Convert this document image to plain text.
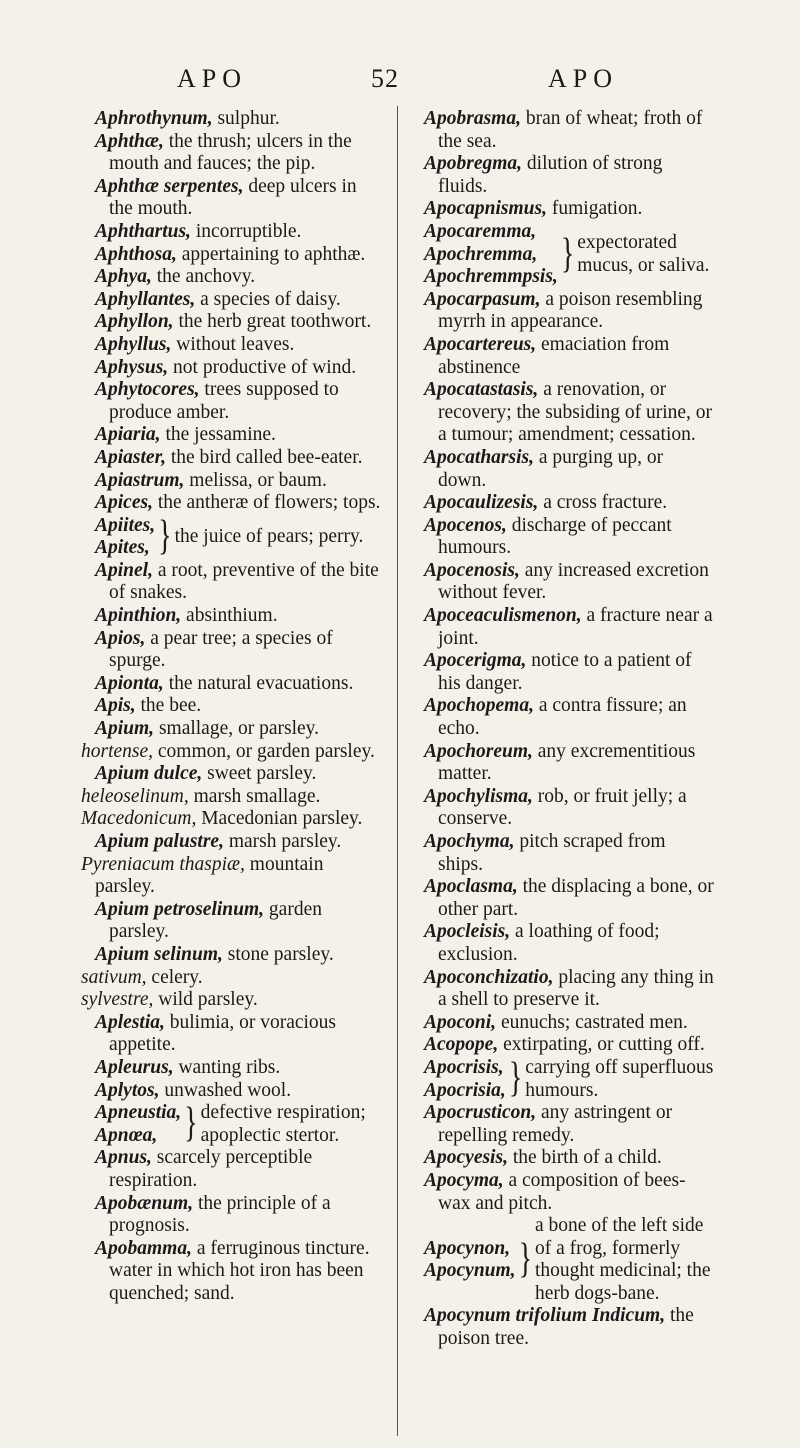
APO	52	APO
Aphrothynum, sulphur.
Aphthæ, the thrush; ulcers in the mouth and fauces; the pip.
Aphthæ serpentes, deep ulcers in the mouth.
Aphthartus, incorruptible.
Aphthosa, appertaining to aphthæ.
Aphya, the anchovy.
Aphyllantes, a species of daisy.
Aphyllon, the herb great toothwort.
Aphyllus, without leaves.
Aphysus, not productive of wind.
Aphytocores, trees supposed to produce amber.
Apiaria, the jessamine.
Apiaster, the bird called bee-eater.
Apiastrum, melissa, or baum.
Apices, the antheræ of flowers; tops.
Apiites,
Apites, } the juice of pears; perry.
Apinel, a root, preventive of the bite of snakes.
Apinthion, absinthium.
Apios, a pear tree; a species of spurge.
Apionta, the natural evacuations.
Apis, the bee.
Apium, smallage, or parsley.
hortense, common, or garden parsley.
Apium dulce, sweet parsley.
heleoselinum, marsh smallage.
Macedonicum, Macedonian parsley.
Apium palustre, marsh parsley.
Pyreniacum thaspiæ, mountain parsley.
Apium petroselinum, garden parsley.
Apium selinum, stone parsley.
sativum, celery.
sylvestre, wild parsley.
Aplestia, bulimia, or voracious appetite.
Apleurus, wanting ribs.
Aplytos, unwashed wool.
Apneustia,
Apnœa, } defective respiration; apoplectic stertor.
Apnus, scarcely perceptible respiration.
Apobænum, the principle of a prognosis.
Apobamma, a ferruginous tincture. water in which hot iron has been quenched; sand.
Apobrasma, bran of wheat; froth of the sea.
Apobregma, dilution of strong fluids.
Apocapnismus, fumigation.
Apocaremma,
Apochremma,
Apochremmpsis, } expectorated mucus, or saliva.
Apocarpasum, a poison resembling myrrh in appearance.
Apocartereus, emaciation from abstinence
Apocatastasis, a renovation, or recovery; the subsiding of urine, or a tumour; amendment; cessation.
Apocatharsis, a purging up, or down.
Apocaulizesis, a cross fracture.
Apocenos, discharge of peccant humours.
Apocenosis, any increased excretion without fever.
Apoceaculismenon, a fracture near a joint.
Apocerigma, notice to a patient of his danger.
Apochopema, a contra fissure; an echo.
Apochoreum, any excrementitious matter.
Apochylisma, rob, or fruit jelly; a conserve.
Apochyma, pitch scraped from ships.
Apoclasma, the displacing a bone, or other part.
Apocleisis, a loathing of food; exclusion.
Apoconchizatio, placing any thing in a shell to preserve it.
Apoconi, eunuchs; castrated men.
Acopope, extirpating, or cutting off.
Apocrisis,
Apocrisia, } carrying off superfluous humours.
Apocrusticon, any astringent or repelling remedy.
Apocyesis, the birth of a child.
Apocyma, a composition of bees-wax and pitch.
Apocynon,
Apocynum, }
a bone of the left side of a frog, formerly thought medicinal; the herb dogs-bane.
Apocynum trifolium Indicum, the poison tree.
